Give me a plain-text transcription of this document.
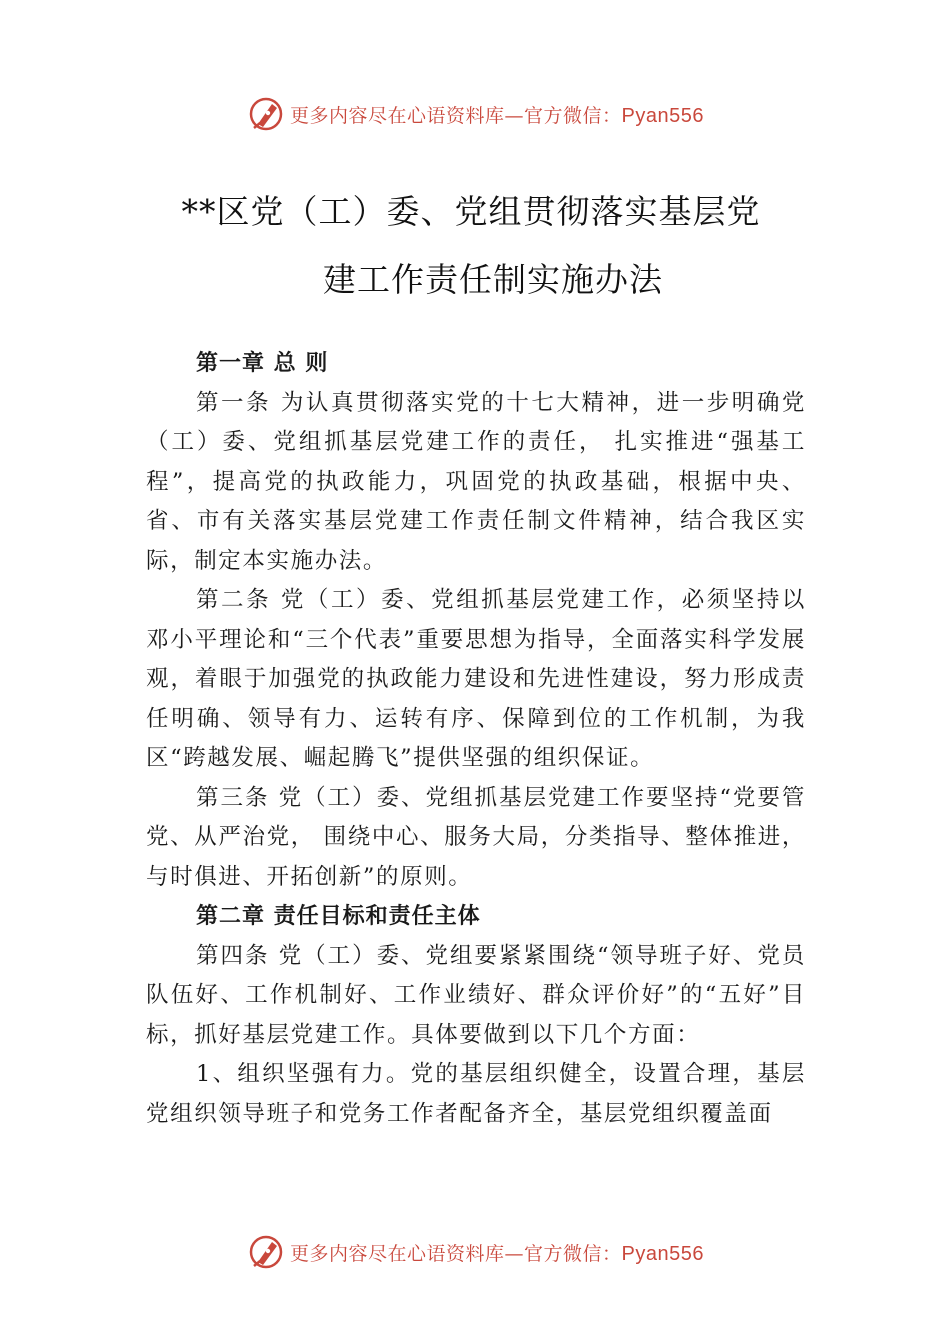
更多内容尽在心语资料库—官方微信：Pyan556
**区党（工）委、党组贯彻落实基层党
建工作责任制实施办法

第一章 总 则

第一条 为认真贯彻落实党的十七大精神，进一步明确党（工）委、党组抓基层党建工作的责任， 扎实推进“强基工程”，提高党的执政能力，巩固党的执政基础，根据中央、省、市有关落实基层党建工作责任制文件精神，结合我区实际，制定本实施办法。

第二条 党（工）委、党组抓基层党建工作，必须坚持以邓小平理论和“三个代表”重要思想为指导，全面落实科学发展观，着眼于加强党的执政能力建设和先进性建设，努力形成责任明确、领导有力、运转有序、保障到位的工作机制，为我区“跨越发展、崛起腾飞”提供坚强的组织保证。

第三条 党（工）委、党组抓基层党建工作要坚持“党要管党、从严治党， 围绕中心、服务大局，分类指导、整体推进，与时俱进、开拓创新”的原则。

第二章 责任目标和责任主体

第四条 党（工）委、党组要紧紧围绕“领导班子好、党员队伍好、工作机制好、工作业绩好、群众评价好”的“五好”目标，抓好基层党建工作。具体要做到以下几个方面：

1、组织坚强有力。党的基层组织健全，设置合理，基层党组织领导班子和党务工作者配备齐全，基层党组织覆盖面

更多内容尽在心语资料库—官方微信：Pyan556
